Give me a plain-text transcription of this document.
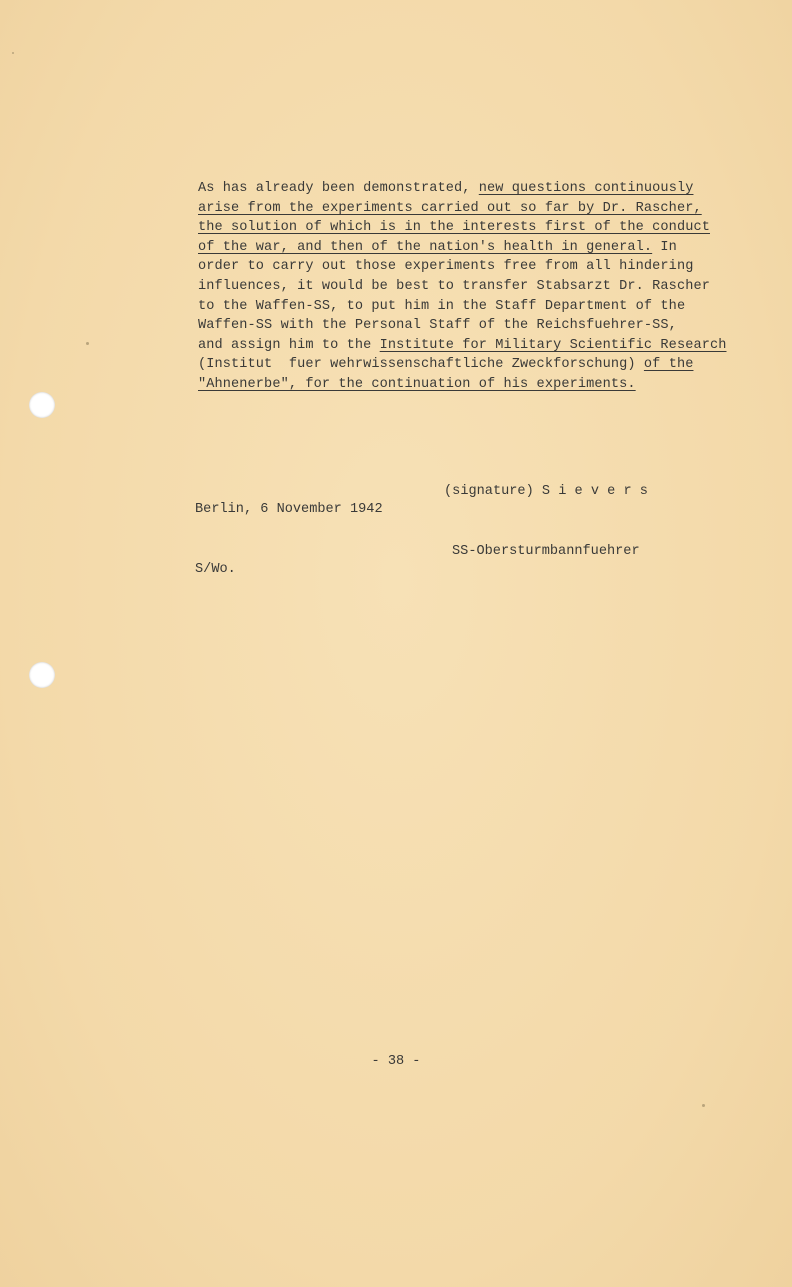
As has already been demonstrated, new questions continuously
arise from the experiments carried out so far by Dr. Rascher,
the solution of which is in the interests first of the conduct
of the war, and then of the nation's health in general. In
order to carry out those experiments free from all hindering
influences, it would be best to transfer Stabsarzt Dr. Rascher
to the Waffen-SS, to put him in the Staff Department of the
Waffen-SS with the Personal Staff of the Reichsfuehrer-SS,
and assign him to the Institute for Military Scientific Research
(Institut  fuer wehrwissenschaftliche Zweckforschung) of the
"Ahnenerbe", for the continuation of his experiments.

Berlin, 6 November 1942

S/Wo.

(signature) S i e v e r s

SS-Obersturmbannfuehrer

- 38 -
